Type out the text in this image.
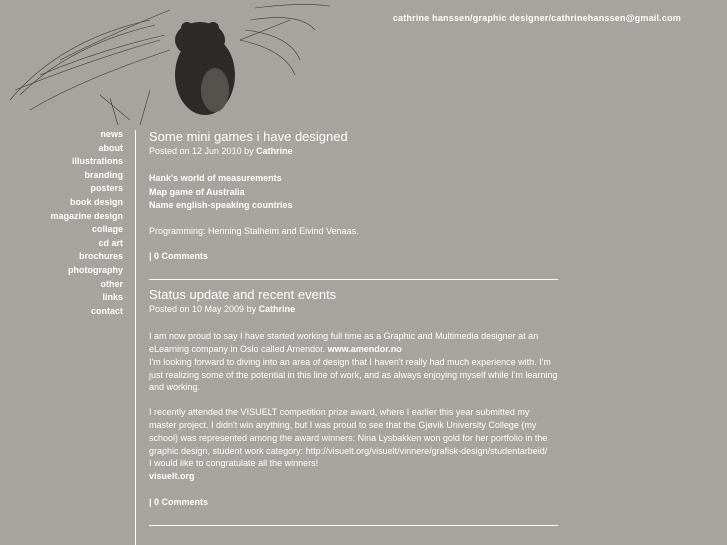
cathrine hanssen/graphic designer/cathrinehanssen@gmail.com
news
about
illustrations
branding
posters
book design
magazine design
collage
cd art
brochures
photography
other
links
contact
Some mini games i have designed
Posted on 12 Jun 2010 by Cathrine
Hank's world of measurements
Map game of Australia
Name english-speaking countries
Programming: Henning Stalheim and Eivind Venaas.
| 0 Comments
Status update and recent events
Posted on 10 May 2009 by Cathrine
I am now proud to say I have started working full time as a Graphic and Multimedia designer at an eLearning company in Oslo called Amendor. www.amendor.no
I'm looking forward to diving into an area of design that I haven't really had much experience with. I'm just realizing some of the potential in this line of work, and as always enjoying myself while I'm learning and working.
I recently attended the VISUELT competition prize award, where I earlier this year submitted my master project. I didn't win anything, but I was proud to see that the Gjøvik University College (my school) was represented among the award winners: Nina Lysbakken won gold for her portfolio in the graphic design, student work category: http://visuelt.org/visuelt/vinnere/grafisk-design/studentarbeid/
I would like to congratulate all the winners!
visuelt.org
| 0 Comments
